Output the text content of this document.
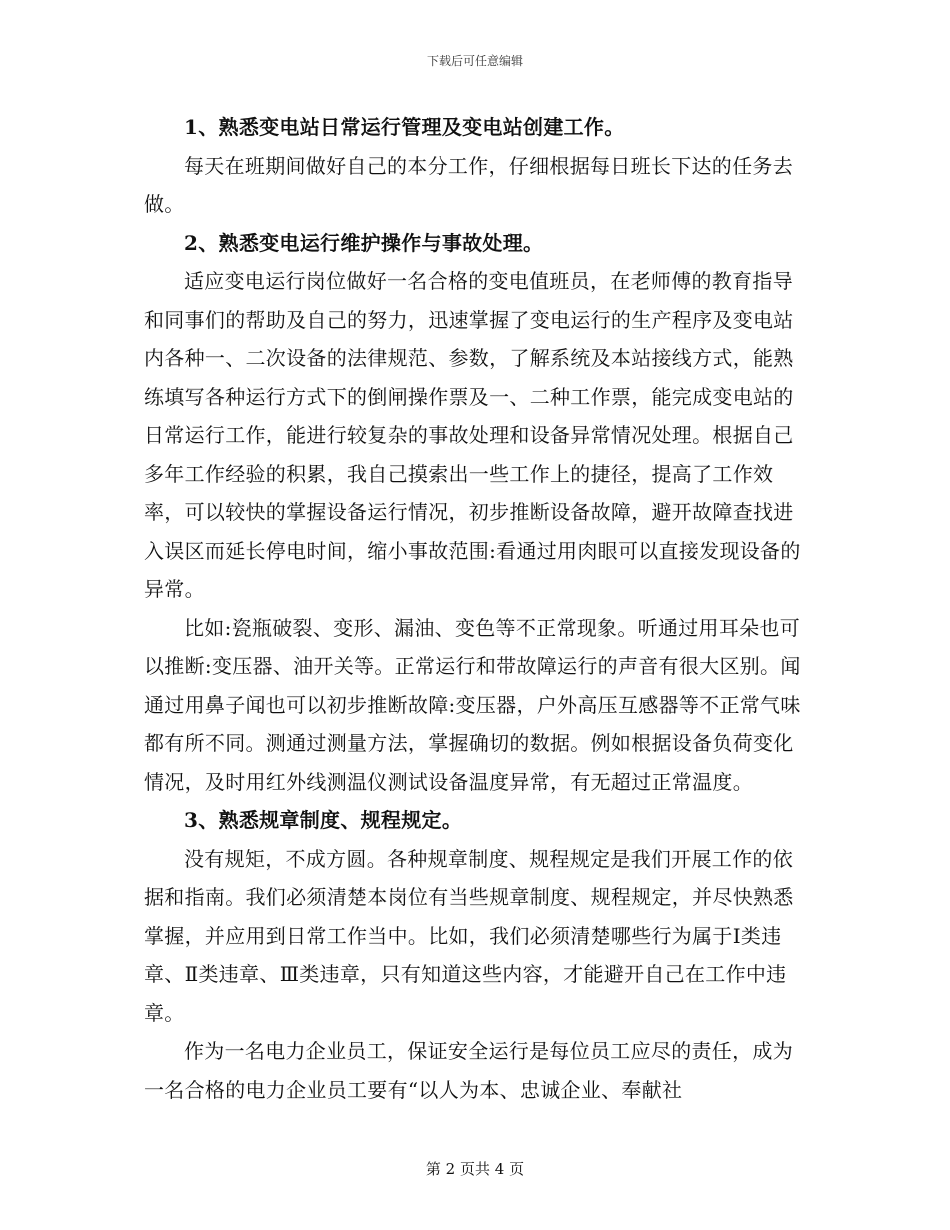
下载后可任意编辑

1、熟悉变电站日常运行管理及变电站创建工作。

每天在班期间做好自己的本分工作，仔细根据每日班长下达的任务去做。

2、熟悉变电运行维护操作与事故处理。

适应变电运行岗位做好一名合格的变电值班员，在老师傅的教育指导和同事们的帮助及自己的努力，迅速掌握了变电运行的生产程序及变电站内各种一、二次设备的法律规范、参数，了解系统及本站接线方式，能熟练填写各种运行方式下的倒闸操作票及一、二种工作票，能完成变电站的日常运行工作，能进行较复杂的事故处理和设备异常情况处理。根据自己多年工作经验的积累，我自己摸索出一些工作上的捷径，提高了工作效率，可以较快的掌握设备运行情况，初步推断设备故障，避开故障查找进入误区而延长停电时间，缩小事故范围:看通过用肉眼可以直接发现设备的异常。

比如:瓷瓶破裂、变形、漏油、变色等不正常现象。听通过用耳朵也可以推断:变压器、油开关等。正常运行和带故障运行的声音有很大区别。闻通过用鼻子闻也可以初步推断故障:变压器，户外高压互感器等不正常气味都有所不同。测通过测量方法，掌握确切的数据。例如根据设备负荷变化情况，及时用红外线测温仪测试设备温度异常，有无超过正常温度。

3、熟悉规章制度、规程规定。

没有规矩，不成方圆。各种规章制度、规程规定是我们开展工作的依据和指南。我们必须清楚本岗位有当些规章制度、规程规定，并尽快熟悉掌握，并应用到日常工作当中。比如，我们必须清楚哪些行为属于Ⅰ类违章、Ⅱ类违章、Ⅲ类违章，只有知道这些内容，才能避开自己在工作中违章。

作为一名电力企业员工，保证安全运行是每位员工应尽的责任，成为一名合格的电力企业员工要有“以人为本、忠诚企业、奉献社

第 2 页共 4 页
